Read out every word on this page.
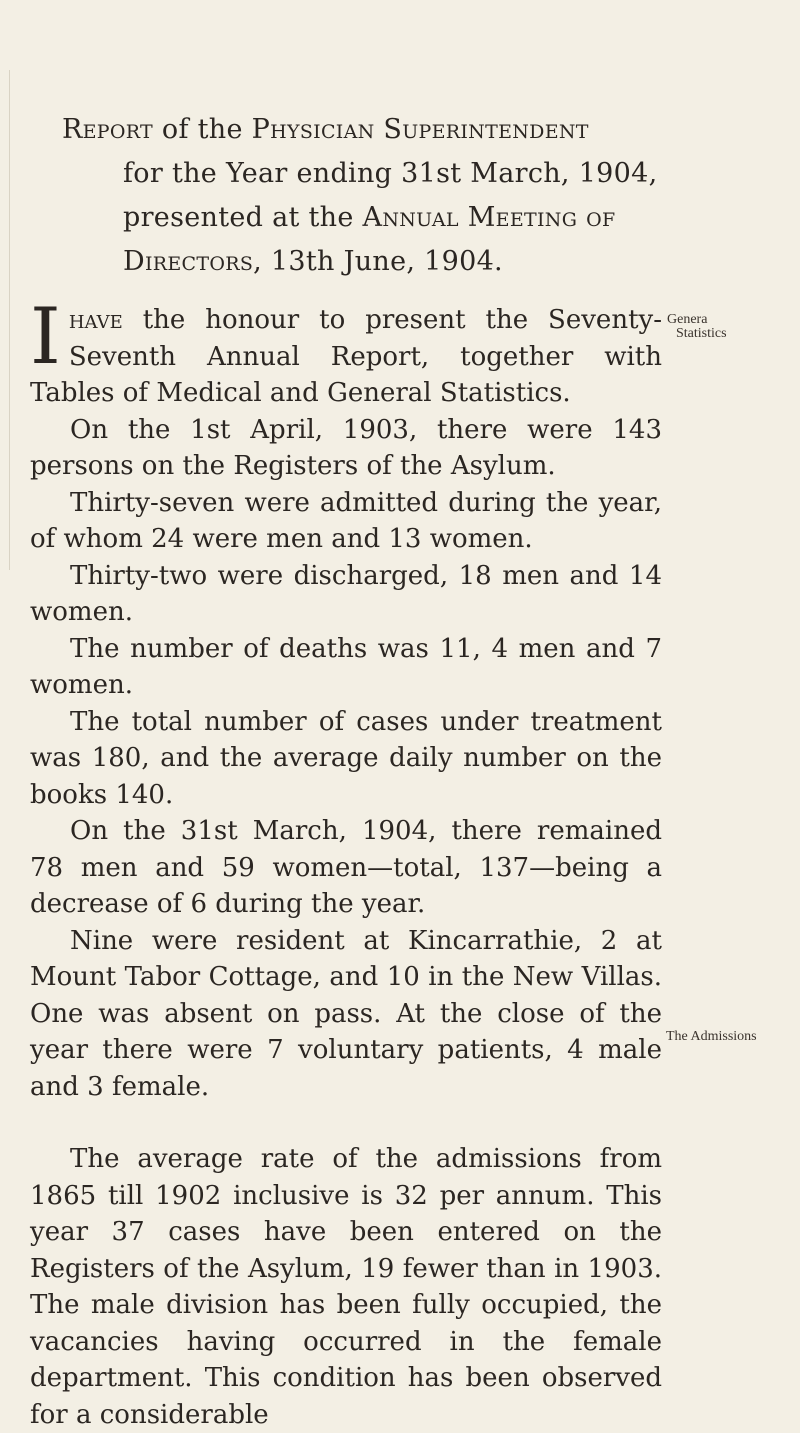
Report of the Physician Superintendent
for the Year ending 31st March, 1904,
presented at the Annual Meeting of
Directors, 13th June, 1904.

Ihave the honour to present the Seventy-Seventh Annual Report, together with Tables of Medical and General Statistics.

On the 1st April, 1903, there were 143 persons on the Registers of the Asylum.

Thirty-seven were admitted during the year, of whom 24 were men and 13 women.

Thirty-two were discharged, 18 men and 14 women.

The number of deaths was 11, 4 men and 7 women.

The total number of cases under treatment was 180, and the average daily number on the books 140.

On the 31st March, 1904, there remained 78 men and 59 women—total, 137—being a decrease of 6 during the year.

Nine were resident at Kincarrathie, 2 at Mount Tabor Cottage, and 10 in the New Villas. One was absent on pass. At the close of the year there were 7 voluntary patients, 4 male and 3 female.

The average rate of the admissions from 1865 till 1902 inclusive is 32 per annum. This year 37 cases have been entered on the Registers of the Asylum, 19 fewer than in 1903. The male division has been fully occupied, the vacancies having occurred in the female department. This condition has been observed for a considerable

Genera
Statistics
The Admissions
